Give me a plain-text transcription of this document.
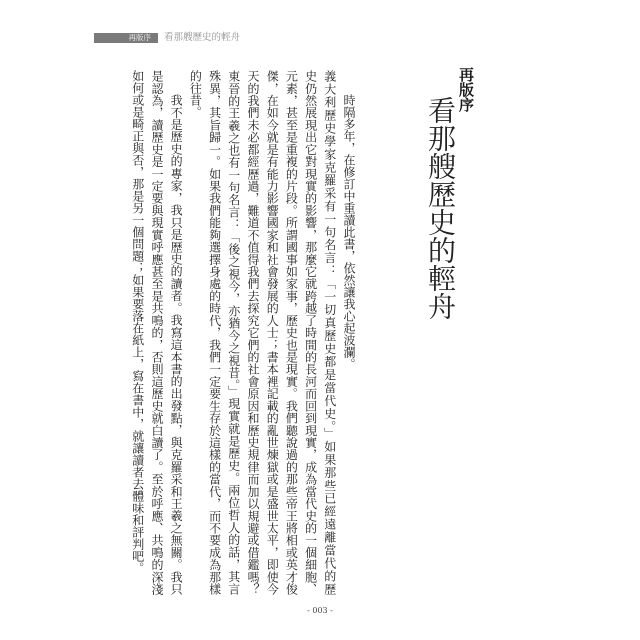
再版序	看那艘歷史的輕舟
再版序
看那艘歷史的輕舟
時隔多年，在修訂中重讀此書，依然讓我心起波瀾。
義大利歷史學家克羅采有一句名言：「一切真歷史都是當代史。」如果那些已經遠離當代的歷
史仍然展現出它對現實的影響，那麼它就跨越了時間的長河而回到現實，成為當代史的一個細胞、
元素，甚至是重複的片段。所謂國事如家事，歷史也是現實。我們聽說過的那些帝王將相或英才俊
傑，在如今就是有能力影響國家和社會發展的人士；書本裡記載的亂世煉獄或是盛世太平，即使今
天的我們未必都經歷過，難道不值得我們去探究它們的社會原因和歷史規律而加以規避或借鑑嗎？
東晉的王羲之也有一句名言：「後之視今，亦猶今之視昔。」現實就是歷史。兩位哲人的話，其言
殊異，其旨歸一。如果我們能夠選擇身處的時代，我們一定要生存於這樣的當代，而不要成為那樣
的往昔。
我不是歷史的專家，我只是歷史的讀者。我寫這本書的出發點，與克羅采和王羲之無關。我只
是認為，讀歷史是一定要與現實呼應甚至是共鳴的，否則這歷史就白讀了。至於呼應、共鳴的深淺
如何或是畸正與否，那是另一個問題；如果要落在紙上，寫在書中，就讓讀者去體味和評判吧。
- 003 -
